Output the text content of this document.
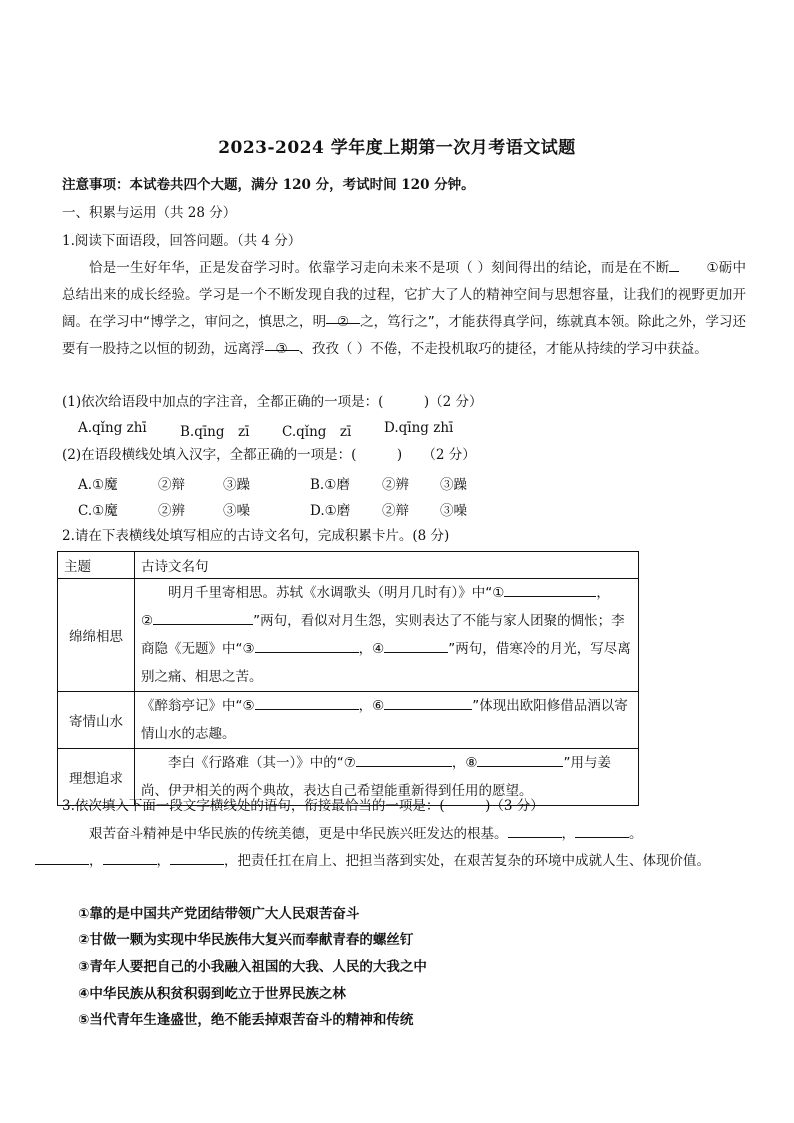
2023-2024 学年度上期第一次月考语文试题
注意事项：本试卷共四个大题，满分 120 分，考试时间 120 分钟。
一、积累与运用（共 28 分）
1.阅读下面语段，回答问题。（共 4 分）
恰是一生好年华，正是发奋学习时。依靠学习走向未来不是项（ ）刻间得出的结论，而是在不断	①砺中总结出来的成长经验。学习是一个不断发现自我的过程，它扩大了人的精神空间与思想容量，让我们的视野更加开阔。在学习中“博学之，审问之，慎思之，明 ② 之，笃行之”，才能获得真学问，练就真本领。除此之外，学习还要有一股持之以恒的韧劲，远离浮 ③ 、孜孜（ ）不倦，不走投机取巧的捷径，才能从持续的学习中获益。
(1)依次给语段中加点的字注音，全都正确的一项是：(　　　)（2 分）
A.qǐng zhī B.qīng　zī C.qǐng　zī D.qīng zhī
(2)在语段横线处填入汉字，全都正确的一项是：(　　　)　　（2 分）
A.①魔	②辩	③躁	B.①磨 ②辨 ③躁
C.①魔	②辨	③噪	D.①磨 ②辩 ③噪
2.请在下表横线处填写相应的古诗文名句，完成积累卡片。(8 分)
主题	古诗文名句
绵绵相思	明月千里寄相思。苏轼《水调歌头（明月几时有）》中“① ，
② ”两句，看似对月生怨，实则表达了不能与家人团聚的惆怅；李商隐《无题》中“③ ，④ ”两句，借寒冷的月光，写尽离别之痛、相思之苦。
寄情山水	《醉翁亭记》中“⑤ ，⑥ ”体现出欧阳修借品酒以寄情山水的志趣。
理想追求	李白《行路难（其一）》中的“⑦ ，⑧ ”用与姜尚、伊尹相关的两个典故，表达自己希望能重新得到任用的愿望。
3.依次填入下面一段文字横线处的语句，衔接最恰当的一项是：(　　　)（3 分）
艰苦奋斗精神是中华民族的传统美德，更是中华民族兴旺发达的根基。	，	。
，	，	，把责任扛在肩上、把担当落到实处，在艰苦复杂的环境中成就人生、体现价值。
①靠的是中国共产党团结带领广大人民艰苦奋斗
②甘做一颗为实现中华民族伟大复兴而奉献青春的螺丝钉
③青年人要把自己的小我融入祖国的大我、人民的大我之中
④中华民族从积贫积弱到屹立于世界民族之林
⑤当代青年生逢盛世，绝不能丢掉艰苦奋斗的精神和传统
